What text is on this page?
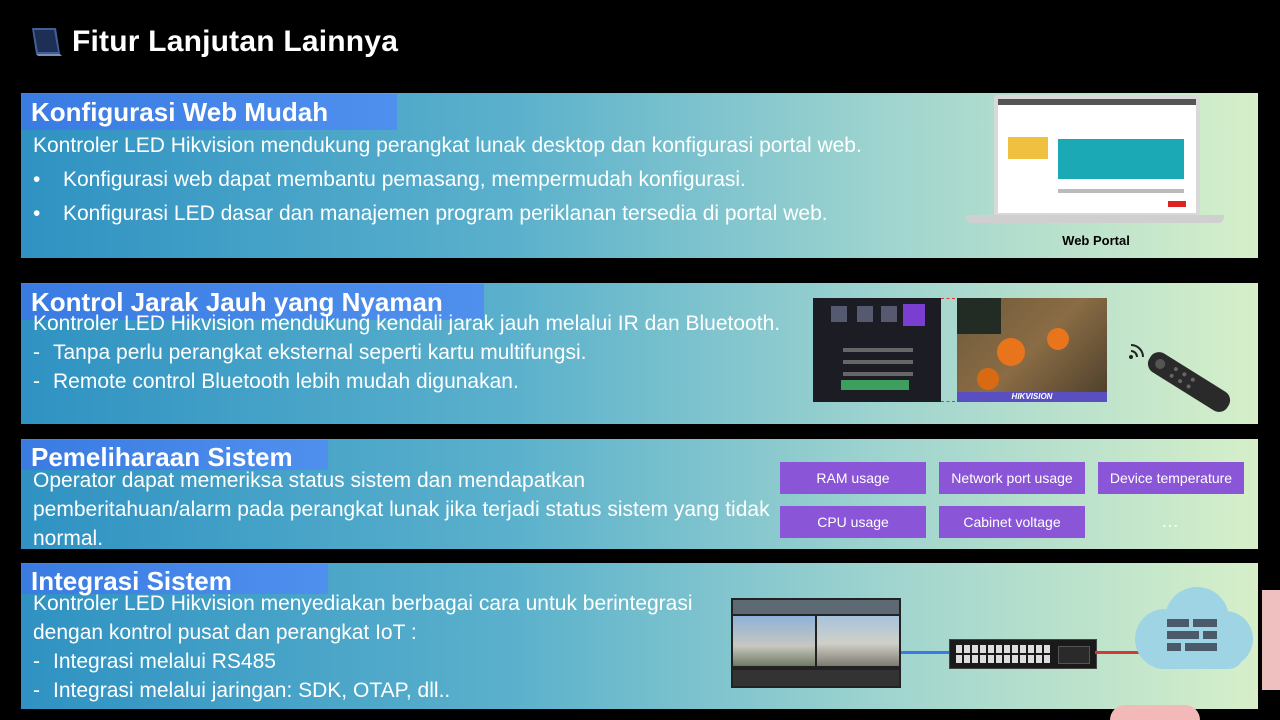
Fitur Lanjutan Lainnya
Konfigurasi Web Mudah

Kontroler LED Hikvision mendukung perangkat lunak desktop dan konfigurasi portal web.

•	Konfigurasi web dapat membantu pemasang, mempermudah konfigurasi.
•	Konfigurasi LED dasar dan manajemen program periklanan tersedia di portal web.
Web Portal
Kontrol Jarak Jauh yang Nyaman

Kontroler LED Hikvision mendukung kendali jarak jauh melalui IR dan Bluetooth.

- Tanpa perlu perangkat eksternal seperti kartu multifungsi.
- Remote control Bluetooth lebih mudah digunakan.
HIKVISION
Pemeliharaan Sistem

Operator dapat memeriksa status sistem dan mendapatkan pemberitahuan/alarm pada perangkat lunak jika terjadi status sistem yang tidak normal.

RAM usage	Network port usage	Device temperature
CPU usage	Cabinet voltage	…
Integrasi Sistem

Kontroler LED Hikvision menyediakan berbagai cara untuk berintegrasi dengan kontrol pusat dan perangkat IoT :

- Integrasi melalui RS485
- Integrasi melalui jaringan: SDK, OTAP, dll..
